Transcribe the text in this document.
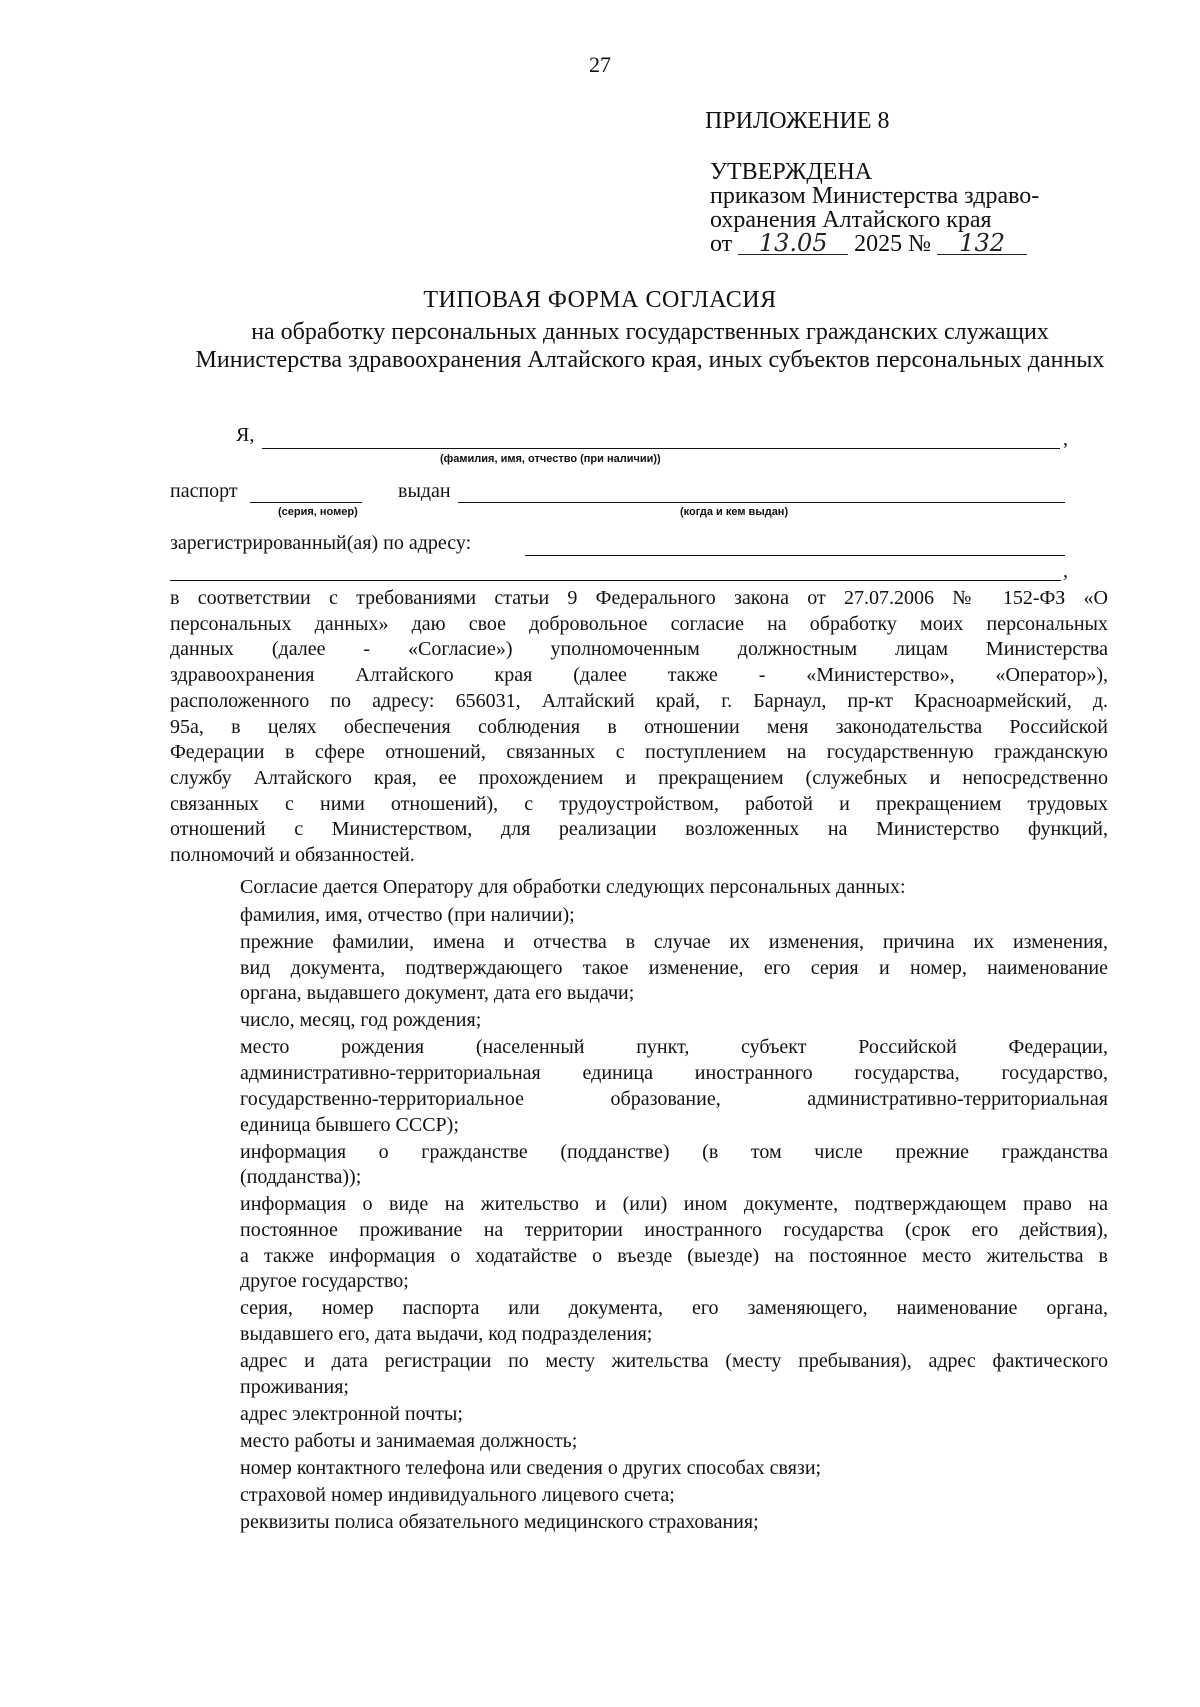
27
ПРИЛОЖЕНИЕ 8
УТВЕРЖДЕНА
приказом Министерства здраво-
охранения Алтайского края
от 13.05 2025 № 132
ТИПОВАЯ ФОРМА СОГЛАСИЯ
на обработку персональных данных государственных гражданских служащих Министерства здравоохранения Алтайского края, иных субъектов персональных данных
Я,	,
(фамилия, имя, отчество (при наличии))
паспорт
(серия, номер)
выдан
(когда и кем выдан)
зарегистрированный(ая) по адресу:
,
в соответствии с требованиями статьи 9 Федерального закона от 27.07.2006 № 152-ФЗ «О
персональных данных» даю свое добровольное согласие на обработку моих персональных
данных (далее - «Согласие») уполномоченным должностным лицам Министерства
здравоохранения Алтайского края (далее также - «Министерство», «Оператор»),
расположенного по адресу: 656031, Алтайский край, г. Барнаул, пр-кт Красноармейский, д.
95а, в целях обеспечения соблюдения в отношении меня законодательства Российской
Федерации в сфере отношений, связанных с поступлением на государственную гражданскую
службу Алтайского края, ее прохождением и прекращением (служебных и непосредственно
связанных с ними отношений), с трудоустройством, работой и прекращением трудовых
отношений с Министерством, для реализации возложенных на Министерство функций,
полномочий и обязанностей.
Согласие дается Оператору для обработки следующих персональных данных:
фамилия, имя, отчество (при наличии);
прежние фамилии, имена и отчества в случае их изменения, причина их изменения,
вид документа, подтверждающего такое изменение, его серия и номер, наименование
органа, выдавшего документ, дата его выдачи;
число, месяц, год рождения;
место рождения (населенный пункт, субъект Российской Федерации,
административно-территориальная единица иностранного государства, государство,
государственно-территориальное образование, административно-территориальная
единица бывшего СССР);
информация о гражданстве (подданстве) (в том числе прежние гражданства
(подданства));
информация о виде на жительство и (или) ином документе, подтверждающем право на
постоянное проживание на территории иностранного государства (срок его действия),
а также информация о ходатайстве о въезде (выезде) на постоянное место жительства в
другое государство;
серия, номер паспорта или документа, его заменяющего, наименование органа,
выдавшего его, дата выдачи, код подразделения;
адрес и дата регистрации по месту жительства (месту пребывания), адрес фактического
проживания;
адрес электронной почты;
место работы и занимаемая должность;
номер контактного телефона или сведения о других способах связи;
страховой номер индивидуального лицевого счета;
реквизиты полиса обязательного медицинского страхования;
